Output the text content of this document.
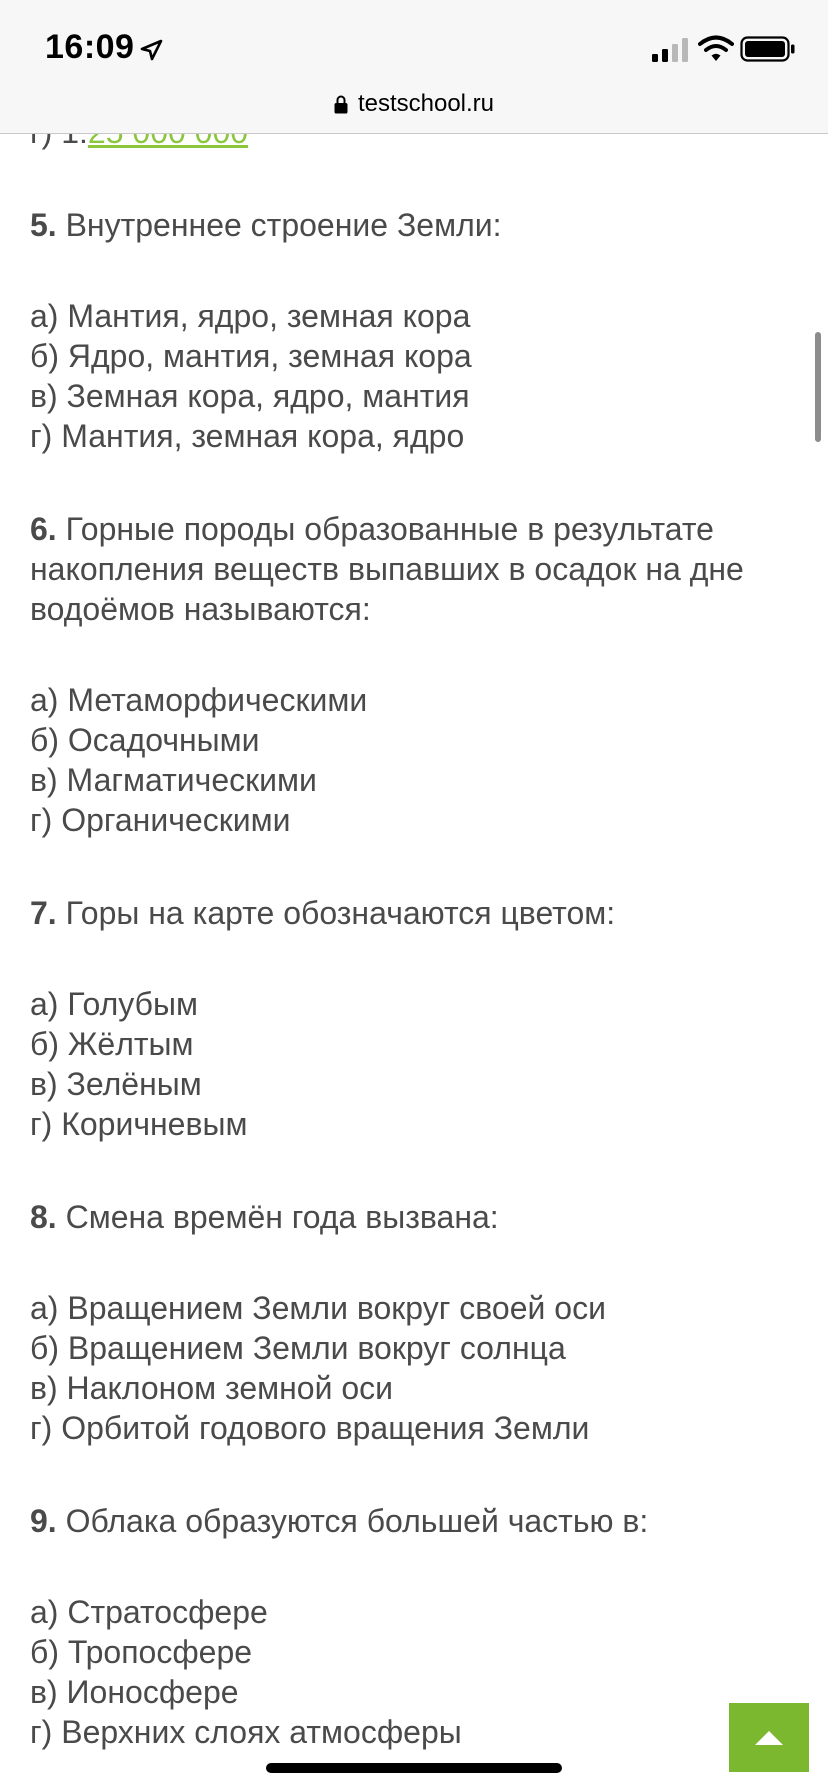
5. Внутреннее строение Земли:
а) Мантия, ядро, земная кора
б) Ядро, мантия, земная кора
в) Земная кора, ядро, мантия
г) Мантия, земная кора, ядро
6. Горные породы образованные в результате накопления веществ выпавших в осадок на дне водоёмов называются:
а) Метаморфическими
б) Осадочными
в) Магматическими
г) Органическими
7. Горы на карте обозначаются цветом:
а) Голубым
б) Жёлтым
в) Зелёным
г) Коричневым
8. Смена времён года вызвана:
а) Вращением Земли вокруг своей оси
б) Вращением Земли вокруг солнца
в) Наклоном земной оси
г) Орбитой годового вращения Земли
9. Облака образуются большей частью в:
а) Стратосфере
б) Тропосфере
в) Ионосфере
г) Верхних слоях атмосферы
16:09
testschool.ru
